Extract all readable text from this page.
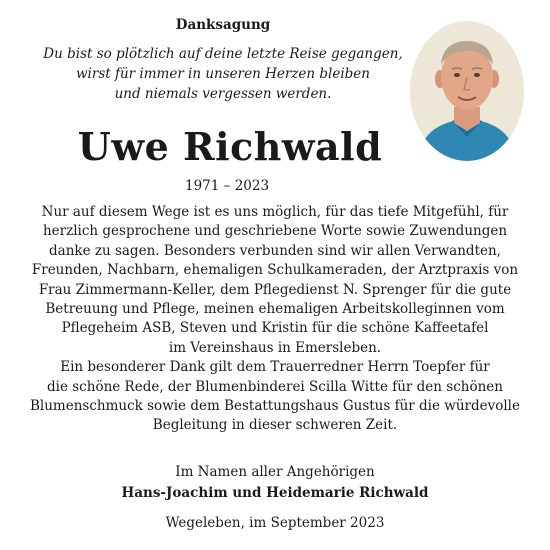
Danksagung
Du bist so plötzlich auf deine letzte Reise gegangen,
wirst für immer in unseren Herzen bleiben
und niemals vergessen werden.
Uwe Richwald
1971 – 2023

Nur auf diesem Wege ist es uns möglich, für das tiefe Mitgefühl, für

herzlich gesprochene und geschriebene Worte sowie Zuwendungen

danke zu sagen. Besonders verbunden sind wir allen Verwandten,

Freunden, Nachbarn, ehemaligen Schulkameraden, der Arztpraxis von

Frau Zimmermann-Keller, dem Pflegedienst N. Sprenger für die gute

Betreuung und Pflege, meinen ehemaligen Arbeitskolleginnen vom

Pflegeheim ASB, Steven und Kristin für die schöne Kaffeetafel

im Vereinshaus in Emersleben.

Ein besonderer Dank gilt dem Trauerredner Herrn Toepfer für

die schöne Rede, der Blumenbinderei Scilla Witte für den schönen

Blumenschmuck sowie dem Bestattungshaus Gustus für die würdevolle

Begleitung in dieser schweren Zeit.

Im Namen aller Angehörigen
Hans-Joachim und Heidemarie Richwald
Wegeleben, im September 2023
